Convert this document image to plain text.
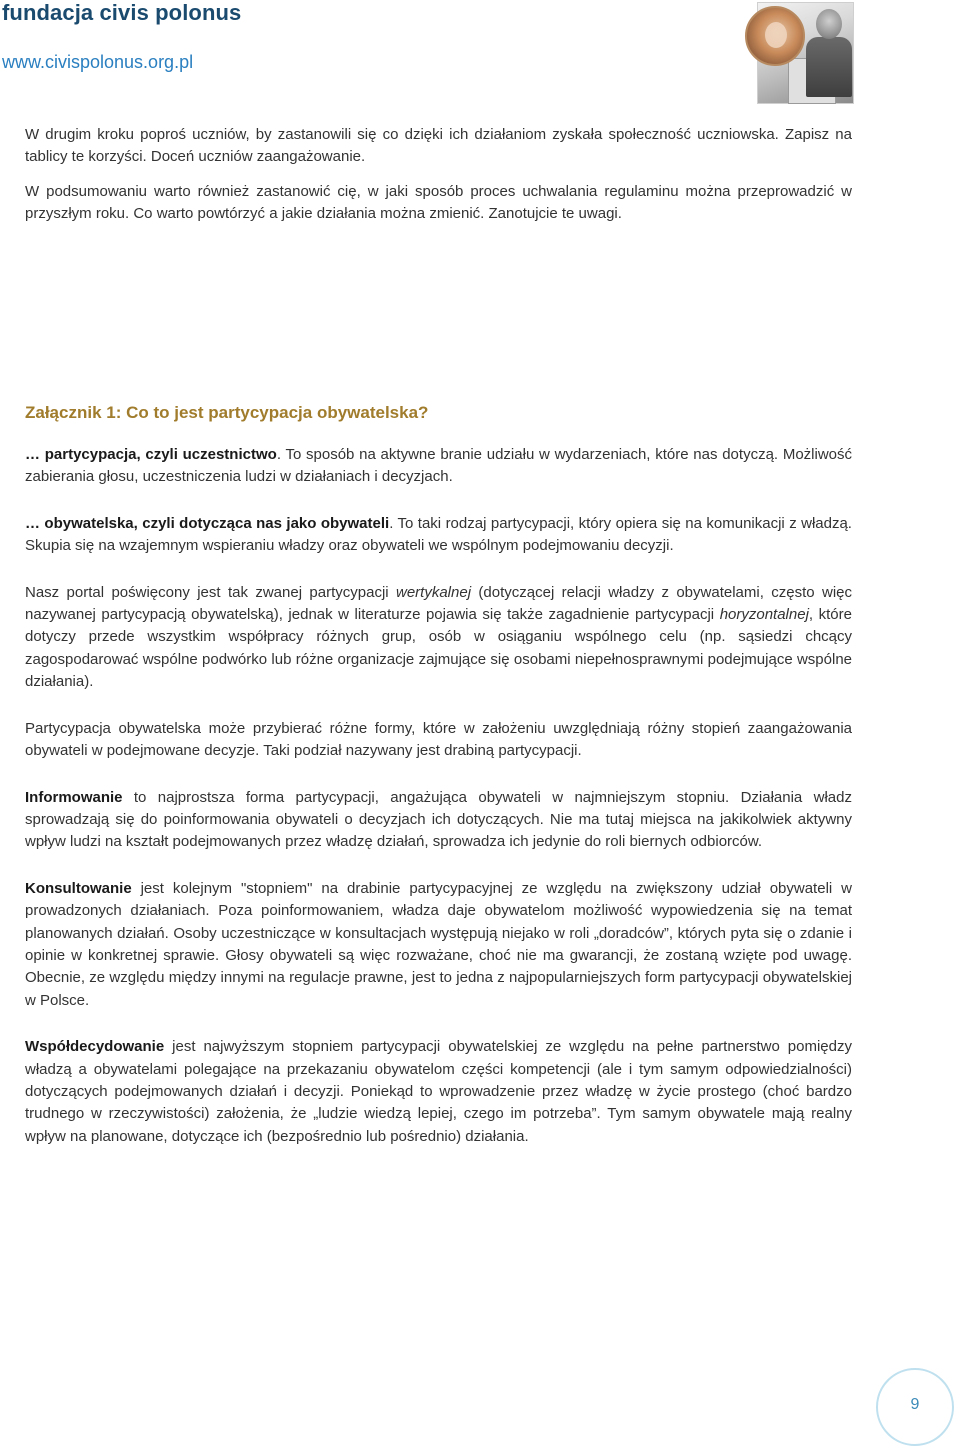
fundacja civis polonus
www.civispolonus.org.pl

W drugim kroku poproś uczniów, by zastanowili się co dzięki ich działaniom zyskała społeczność uczniowska. Zapisz na tablicy te korzyści. Doceń uczniów zaangażowanie.

W podsumowaniu warto również zastanowić cię, w jaki sposób proces uchwalania regulaminu można przeprowadzić w przyszłym roku. Co warto powtórzyć a jakie działania można zmienić. Zanotujcie te uwagi.

Załącznik 1: Co to jest partycypacja obywatelska?

… partycypacja, czyli uczestnictwo. To sposób na aktywne branie udziału w wydarzeniach, które nas dotyczą. Możliwość zabierania głosu, uczestniczenia ludzi w działaniach i decyzjach.

… obywatelska, czyli dotycząca nas jako obywateli. To taki rodzaj partycypacji, który opiera się na komunikacji z władzą. Skupia się na wzajemnym wspieraniu władzy oraz obywateli we wspólnym podejmowaniu decyzji.

Nasz portal poświęcony jest tak zwanej partycypacji wertykalnej (dotyczącej relacji władzy z obywatelami, często więc nazywanej partycypacją obywatelską), jednak w literaturze pojawia się także zagadnienie partycypacji horyzontalnej, które dotyczy przede wszystkim współpracy różnych grup, osób w osiąganiu wspólnego celu (np. sąsiedzi chcący zagospodarować wspólne podwórko lub różne organizacje zajmujące się osobami niepełnosprawnymi podejmujące wspólne działania).

Partycypacja obywatelska może przybierać różne formy, które w założeniu uwzględniają różny stopień zaangażowania obywateli w podejmowane decyzje. Taki podział nazywany jest drabiną partycypacji.

Informowanie to najprostsza forma partycypacji, angażująca obywateli w najmniejszym stopniu. Działania władz sprowadzają się do poinformowania obywateli o decyzjach ich dotyczących. Nie ma tutaj miejsca na jakikolwiek aktywny wpływ ludzi na kształt podejmowanych przez władzę działań, sprowadza ich jedynie do roli biernych odbiorców.

Konsultowanie jest kolejnym "stopniem" na drabinie partycypacyjnej ze względu na zwiększony udział obywateli w prowadzonych działaniach. Poza poinformowaniem, władza daje obywatelom możliwość wypowiedzenia się na temat planowanych działań. Osoby uczestniczące w konsultacjach występują niejako w roli „doradców”, których pyta się o zdanie i opinie w konkretnej sprawie. Głosy obywateli są więc rozważane, choć nie ma gwarancji, że zostaną wzięte pod uwagę. Obecnie, ze względu między innymi na regulacje prawne, jest to jedna z najpopularniejszych form partycypacji obywatelskiej w Polsce.

Współdecydowanie jest najwyższym stopniem partycypacji obywatelskiej ze względu na pełne partnerstwo pomiędzy władzą a obywatelami polegające na przekazaniu obywatelom części kompetencji (ale i tym samym odpowiedzialności) dotyczących podejmowanych działań i decyzji. Poniekąd to wprowadzenie przez władzę w życie prostego (choć bardzo trudnego w rzeczywistości) założenia, że „ludzie wiedzą lepiej, czego im potrzeba”. Tym samym obywatele mają realny wpływ na planowane, dotyczące ich (bezpośrednio lub pośrednio) działania.

9
